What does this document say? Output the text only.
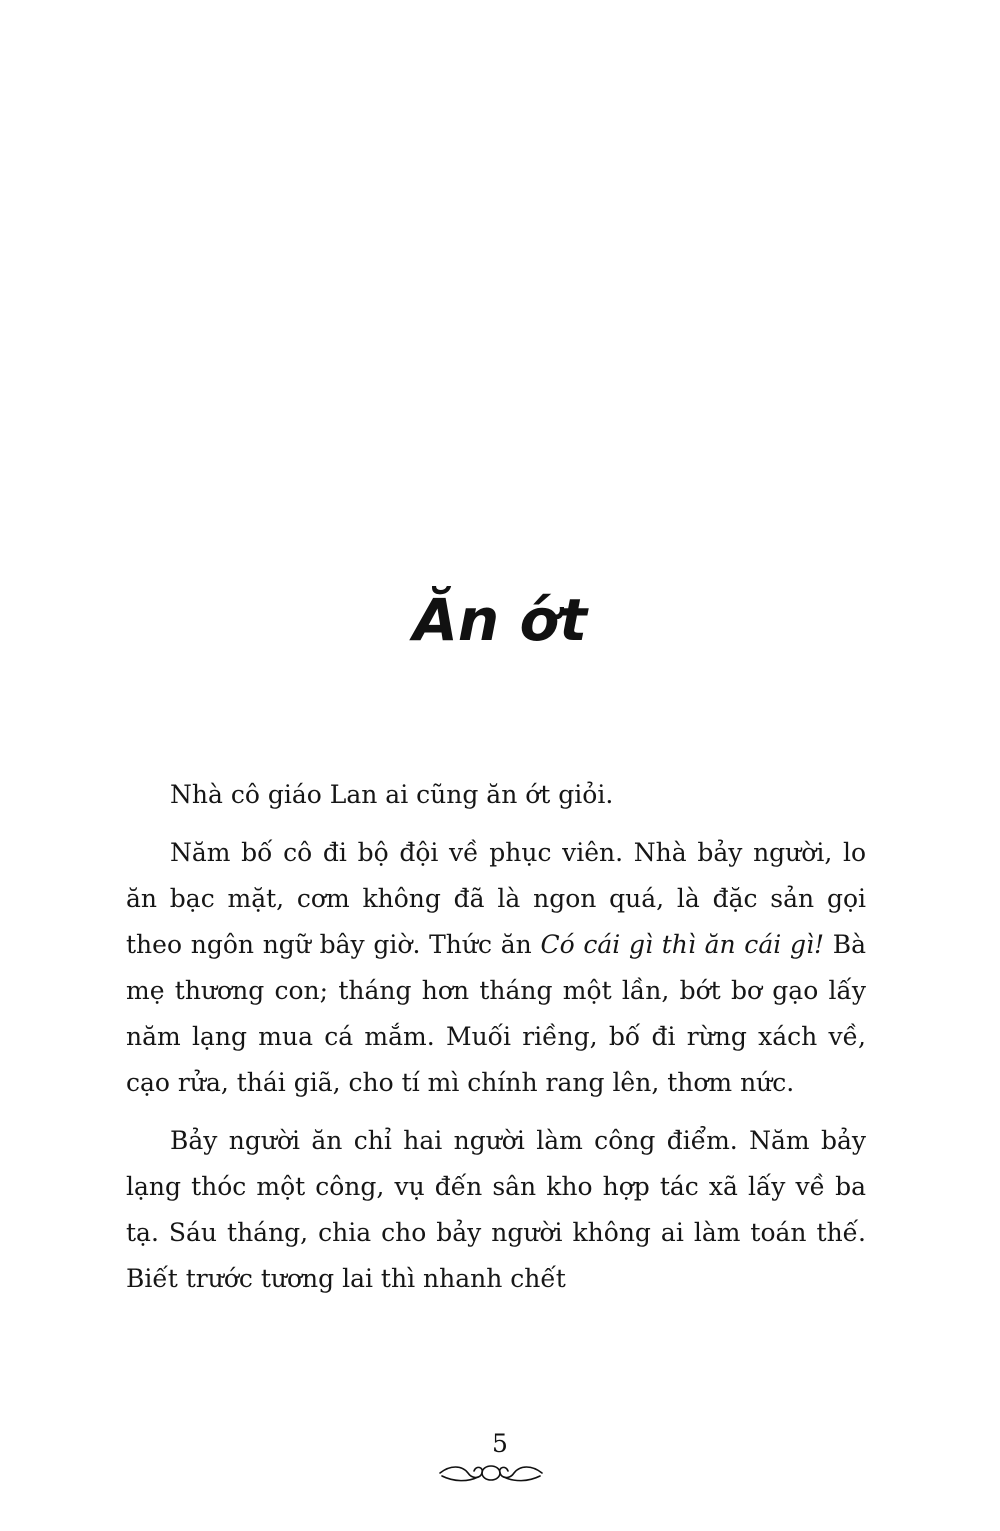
Ăn ớt

Nhà cô giáo Lan ai cũng ăn ớt giỏi.

Năm bố cô đi bộ đội về phục viên. Nhà bảy người, lo ăn bạc mặt, cơm không đã là ngon quá, là đặc sản gọi theo ngôn ngữ bây giờ. Thức ăn Có cái gì thì ăn cái gì! Bà mẹ thương con; tháng hơn tháng một lần, bớt bơ gạo lấy năm lạng mua cá mắm. Muối riềng, bố đi rừng xách về, cạo rửa, thái giã, cho tí mì chính rang lên, thơm nức.

Bảy người ăn chỉ hai người làm công điểm. Năm bảy lạng thóc một công, vụ đến sân kho hợp tác xã lấy về ba tạ. Sáu tháng, chia cho bảy người không ai làm toán thế. Biết trước tương lai thì nhanh chết

5
